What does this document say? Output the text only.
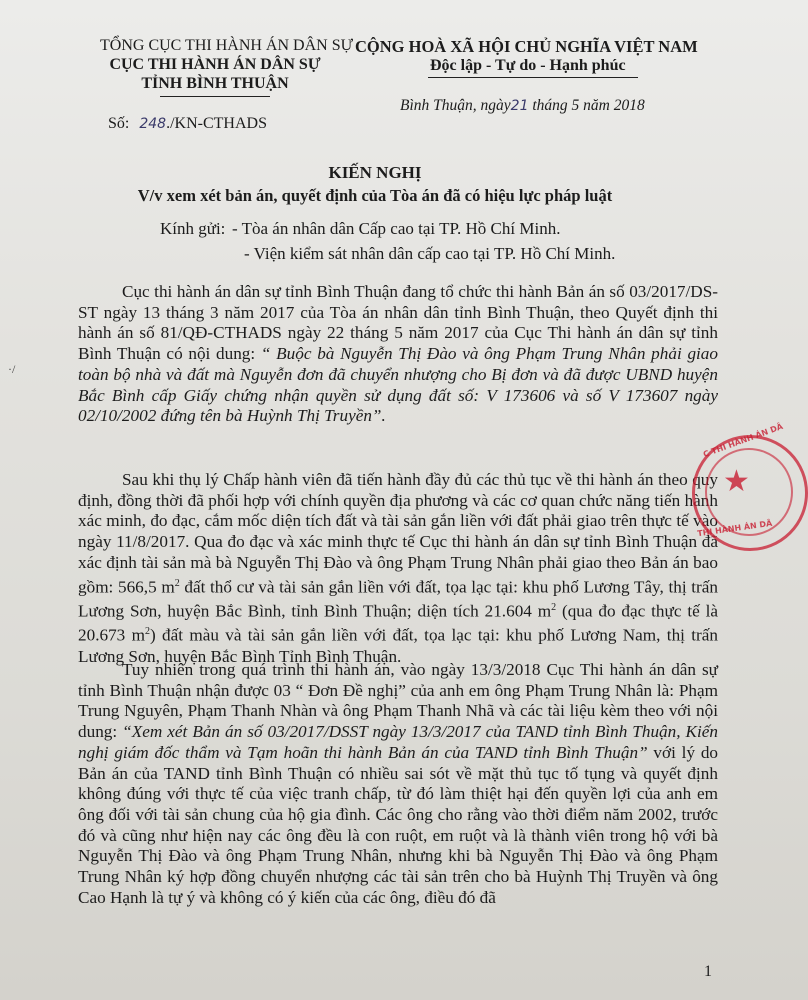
TỔNG CỤC THI HÀNH ÁN DÂN SỰ
CỤC THI HÀNH ÁN DÂN SỰ
TỈNH BÌNH THUẬN
Số: 248./KN-CTHADS
CỘNG HOÀ XÃ HỘI CHỦ NGHĨA VIỆT NAM
Độc lập - Tự do - Hạnh phúc
Bình Thuận, ngày21 tháng 5 năm 2018
KIẾN NGHỊ
V/v xem xét bản án, quyết định của Tòa án đã có hiệu lực pháp luật
Kính gửi: - Tòa án nhân dân Cấp cao tại TP. Hồ Chí Minh.
- Viện kiểm sát nhân dân cấp cao tại TP. Hồ Chí Minh.
Cục thi hành án dân sự tỉnh Bình Thuận đang tổ chức thi hành Bản án số 03/2017/DS-ST ngày 13 tháng 3 năm 2017 của Tòa án nhân dân tỉnh Bình Thuận, theo Quyết định thi hành án số 81/QĐ-CTHADS ngày 22 tháng 5 năm 2017 của Cục Thi hành án dân sự tỉnh Bình Thuận có nội dung: “ Buộc bà Nguyễn Thị Đào và ông Phạm Trung Nhân phải giao toàn bộ nhà và đất mà Nguyễn đơn đã chuyển nhượng cho Bị đơn và đã được UBND huyện Bắc Bình cấp Giấy chứng nhận quyền sử dụng đất số: V 173606 và số V 173607 ngày 02/10/2002 đứng tên bà Huỳnh Thị Truyền”.
Sau khi thụ lý Chấp hành viên đã tiến hành đầy đủ các thủ tục về thi hành án theo quy định, đồng thời đã phối hợp với chính quyền địa phương và các cơ quan chức năng tiến hành xác minh, đo đạc, cắm mốc diện tích đất và tài sản gắn liền với đất phải giao trên thực tế vào ngày 11/8/2017. Qua đo đạc và xác minh thực tế Cục thi hành án dân sự tỉnh Bình Thuận đã xác định tài sản mà bà Nguyễn Thị Đào và ông Phạm Trung Nhân phải giao theo Bản án bao gồm: 566,5 $m^2$ đất thổ cư và tài sản gắn liền với đất, tọa lạc tại: khu phố Lương Tây, thị trấn Lương Sơn, huyện Bắc Bình, tỉnh Bình Thuận; diện tích 21.604 $m^2$ (qua đo đạc thực tế là 20.673 $m^2$) đất màu và tài sản gắn liền với đất, tọa lạc tại: khu phố Lương Nam, thị trấn Lương Sơn, huyện Bắc Bình Tỉnh Bình Thuận.
Tuy nhiên trong quá trình thi hành án, vào ngày 13/3/2018 Cục Thi hành án dân sự tỉnh Bình Thuận nhận được 03 “ Đơn Đề nghị” của anh em ông Phạm Trung Nhân là: Phạm Trung Nguyên, Phạm Thanh Nhàn và ông Phạm Thanh Nhã và các tài liệu kèm theo với nội dung: “Xem xét Bản án số 03/2017/DSST ngày 13/3/2017 của TAND tỉnh Bình Thuận, Kiến nghị giám đốc thẩm và Tạm hoãn thi hành Bản án của TAND tỉnh Bình Thuận” với lý do Bản án của TAND tỉnh Bình Thuận có nhiều sai sót về mặt thủ tục tố tụng và quyết định không đúng với thực tế của việc tranh chấp, từ đó làm thiệt hại đến quyền lợi của anh em ông đối với tài sản chung của hộ gia đình. Các ông cho rằng vào thời điểm năm 2002, trước đó và cũng như hiện nay các ông đều là con ruột, em ruột và là thành viên trong hộ với bà Nguyễn Thị Đào và ông Phạm Trung Nhân, nhưng khi bà Nguyễn Thị Đào và ông Phạm Trung Nhân ký hợp đồng chuyển nhượng các tài sản trên cho bà Huỳnh Thị Truyền và ông Cao Hạnh là tự ý và không có ý kiến của các ông, điều đó đã
★
C THI HÀNH ÁN DÂ
THI HÀNH ÁN DÂ
·/
1
